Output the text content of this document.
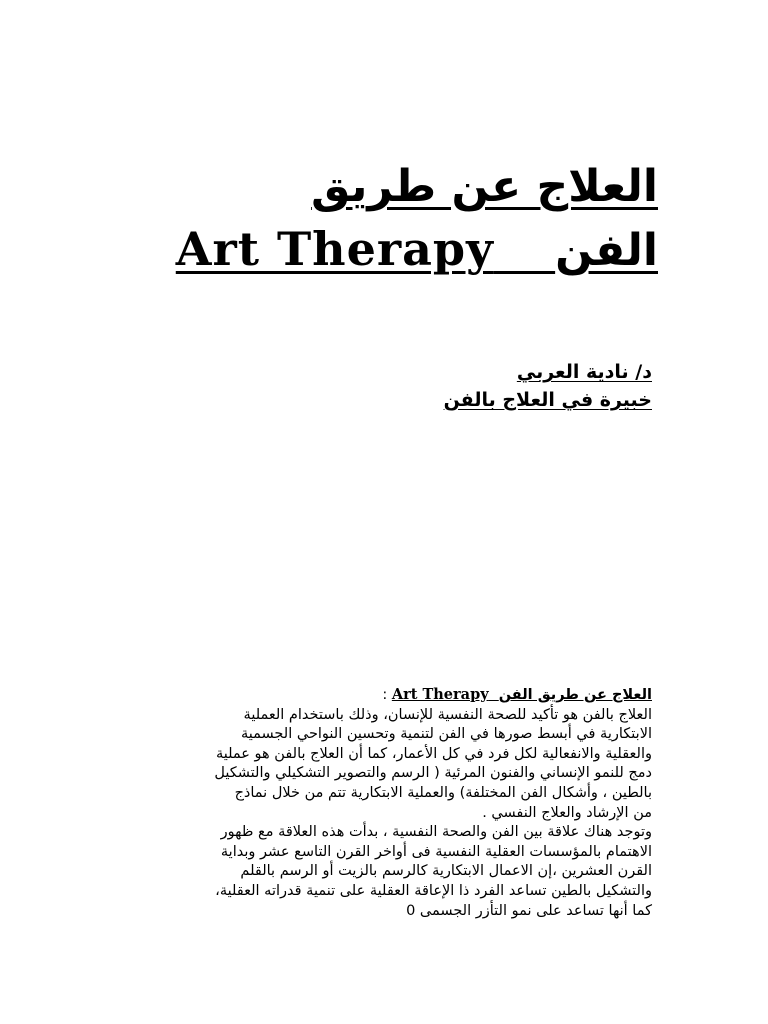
العلاج عن طريق
الفن    Art Therapy
د/ نادية العربي
خبيرة في العلاج بالفن
العلاج عن طريق الفن  Art Therapy :
العلاج بالفن هو تأكيد للصحة النفسية للإنسان، وذلك باستخدام العملية
الابتكارية في أبسط صورها في الفن لتنمية وتحسين النواحي الجسمية
والعقلية والانفعالية لكل فرد في كل الأعمار، كما أن العلاج بالفن هو عملية
دمج للنمو الإنساني والفنون المرئية ( الرسم والتصوير التشكيلي والتشكيل
بالطين ، وأشكال الفن المختلفة) والعملية الابتكارية تتم من خلال نماذج
من الإرشاد والعلاج النفسي .
وتوجد هناك علاقة بين الفن والصحة النفسية ، بدأت هذه العلاقة مع ظهور
الاهتمام بالمؤسسات العقلية النفسية فى أواخر القرن التاسع عشر وبداية
القرن العشرين ،إن الاعمال الابتكارية كالرسم بالزيت أو الرسم بالقلم
والتشكيل بالطين تساعد الفرد ذا الإعاقة العقلية على تنمية قدراته العقلية،
كما أنها تساعد على نمو التأزر الجسمى 0
